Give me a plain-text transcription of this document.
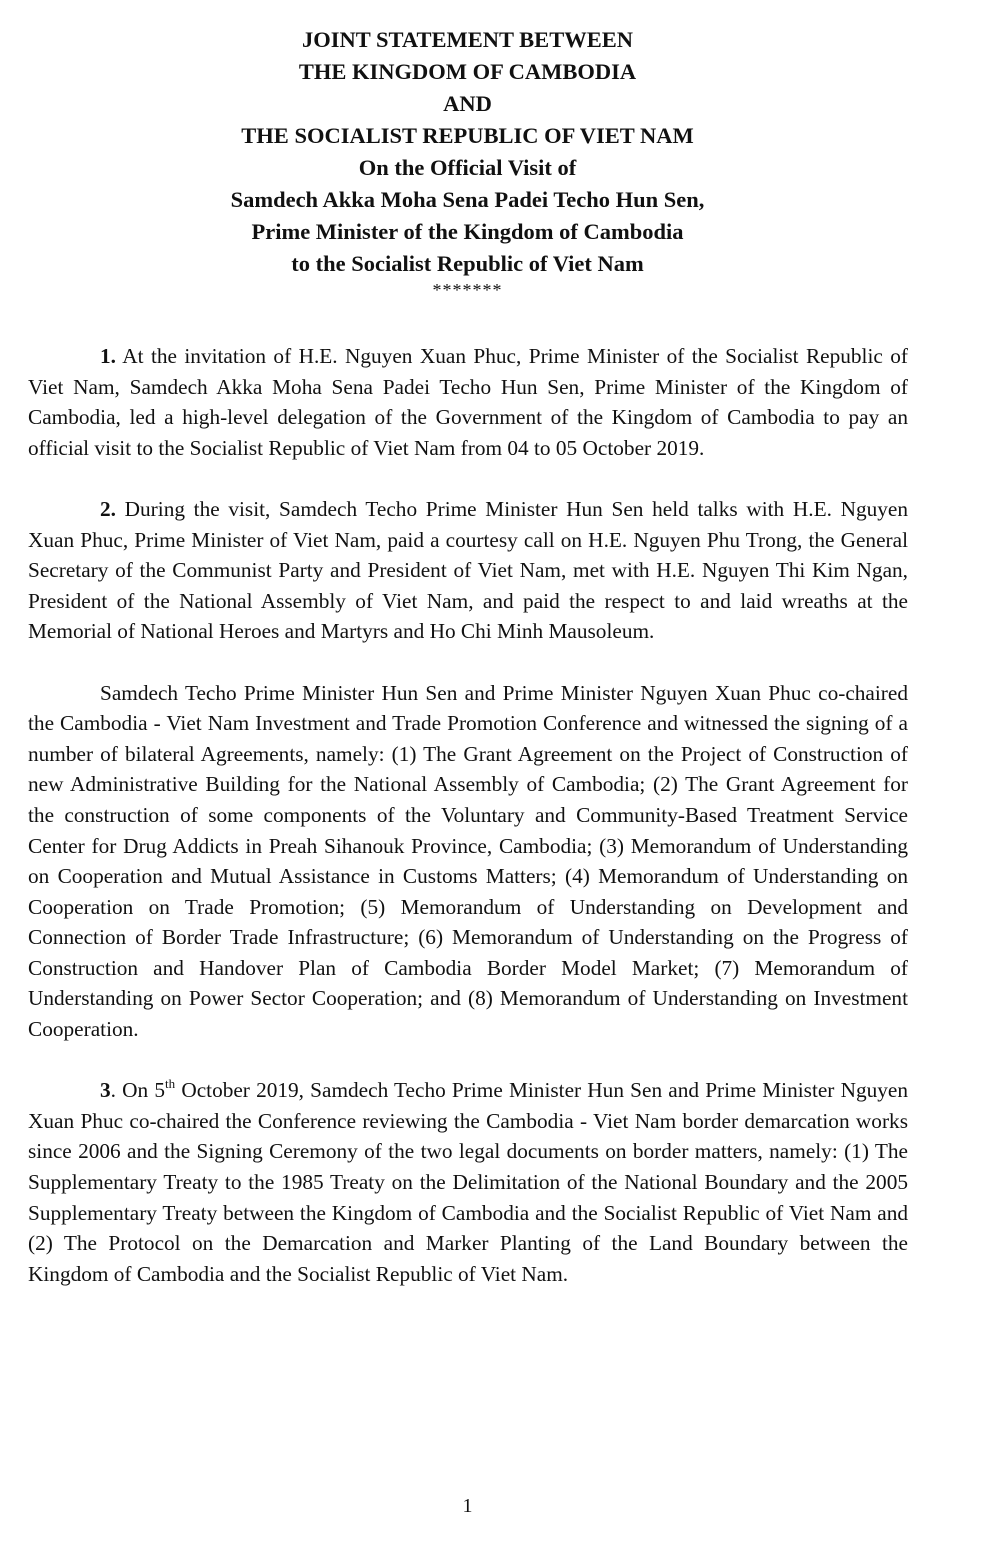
JOINT STATEMENT BETWEEN
THE KINGDOM OF CAMBODIA
AND
THE SOCIALIST REPUBLIC OF VIET NAM
On the Official Visit of
Samdech Akka Moha Sena Padei Techo Hun Sen,
Prime Minister of the Kingdom of Cambodia
to the Socialist Republic of Viet Nam
*******

1. At the invitation of H.E. Nguyen Xuan Phuc, Prime Minister of the Socialist Republic of Viet Nam, Samdech Akka Moha Sena Padei Techo Hun Sen, Prime Minister of the Kingdom of Cambodia, led a high-level delegation of the Government of the Kingdom of Cambodia to pay an official visit to the Socialist Republic of Viet Nam from 04 to 05 October 2019.

2. During the visit, Samdech Techo Prime Minister Hun Sen held talks with H.E. Nguyen Xuan Phuc, Prime Minister of Viet Nam, paid a courtesy call on H.E. Nguyen Phu Trong, the General Secretary of the Communist Party and President of Viet Nam, met with H.E. Nguyen Thi Kim Ngan, President of the National Assembly of Viet Nam, and paid the respect to and laid wreaths at the Memorial of National Heroes and Martyrs and Ho Chi Minh Mausoleum.

Samdech Techo Prime Minister Hun Sen and Prime Minister Nguyen Xuan Phuc co-chaired the Cambodia - Viet Nam Investment and Trade Promotion Conference and witnessed the signing of a number of bilateral Agreements, namely: (1) The Grant Agreement on the Project of Construction of new Administrative Building for the National Assembly of Cambodia; (2) The Grant Agreement for the construction of some components of the Voluntary and Community-Based Treatment Service Center for Drug Addicts in Preah Sihanouk Province, Cambodia; (3) Memorandum of Understanding on Cooperation and Mutual Assistance in Customs Matters; (4) Memorandum of Understanding on Cooperation on Trade Promotion; (5) Memorandum of Understanding on Development and Connection of Border Trade Infrastructure; (6) Memorandum of Understanding on the Progress of Construction and Handover Plan of Cambodia Border Model Market; (7) Memorandum of Understanding on Power Sector Cooperation; and (8) Memorandum of Understanding on Investment Cooperation.

3. On 5th October 2019, Samdech Techo Prime Minister Hun Sen and Prime Minister Nguyen Xuan Phuc co-chaired the Conference reviewing the Cambodia - Viet Nam border demarcation works since 2006 and the Signing Ceremony of the two legal documents on border matters, namely: (1) The Supplementary Treaty to the 1985 Treaty on the Delimitation of the National Boundary and the 2005 Supplementary Treaty between the Kingdom of Cambodia and the Socialist Republic of Viet Nam and (2) The Protocol on the Demarcation and Marker Planting of the Land Boundary between the Kingdom of Cambodia and the Socialist Republic of Viet Nam.

1
